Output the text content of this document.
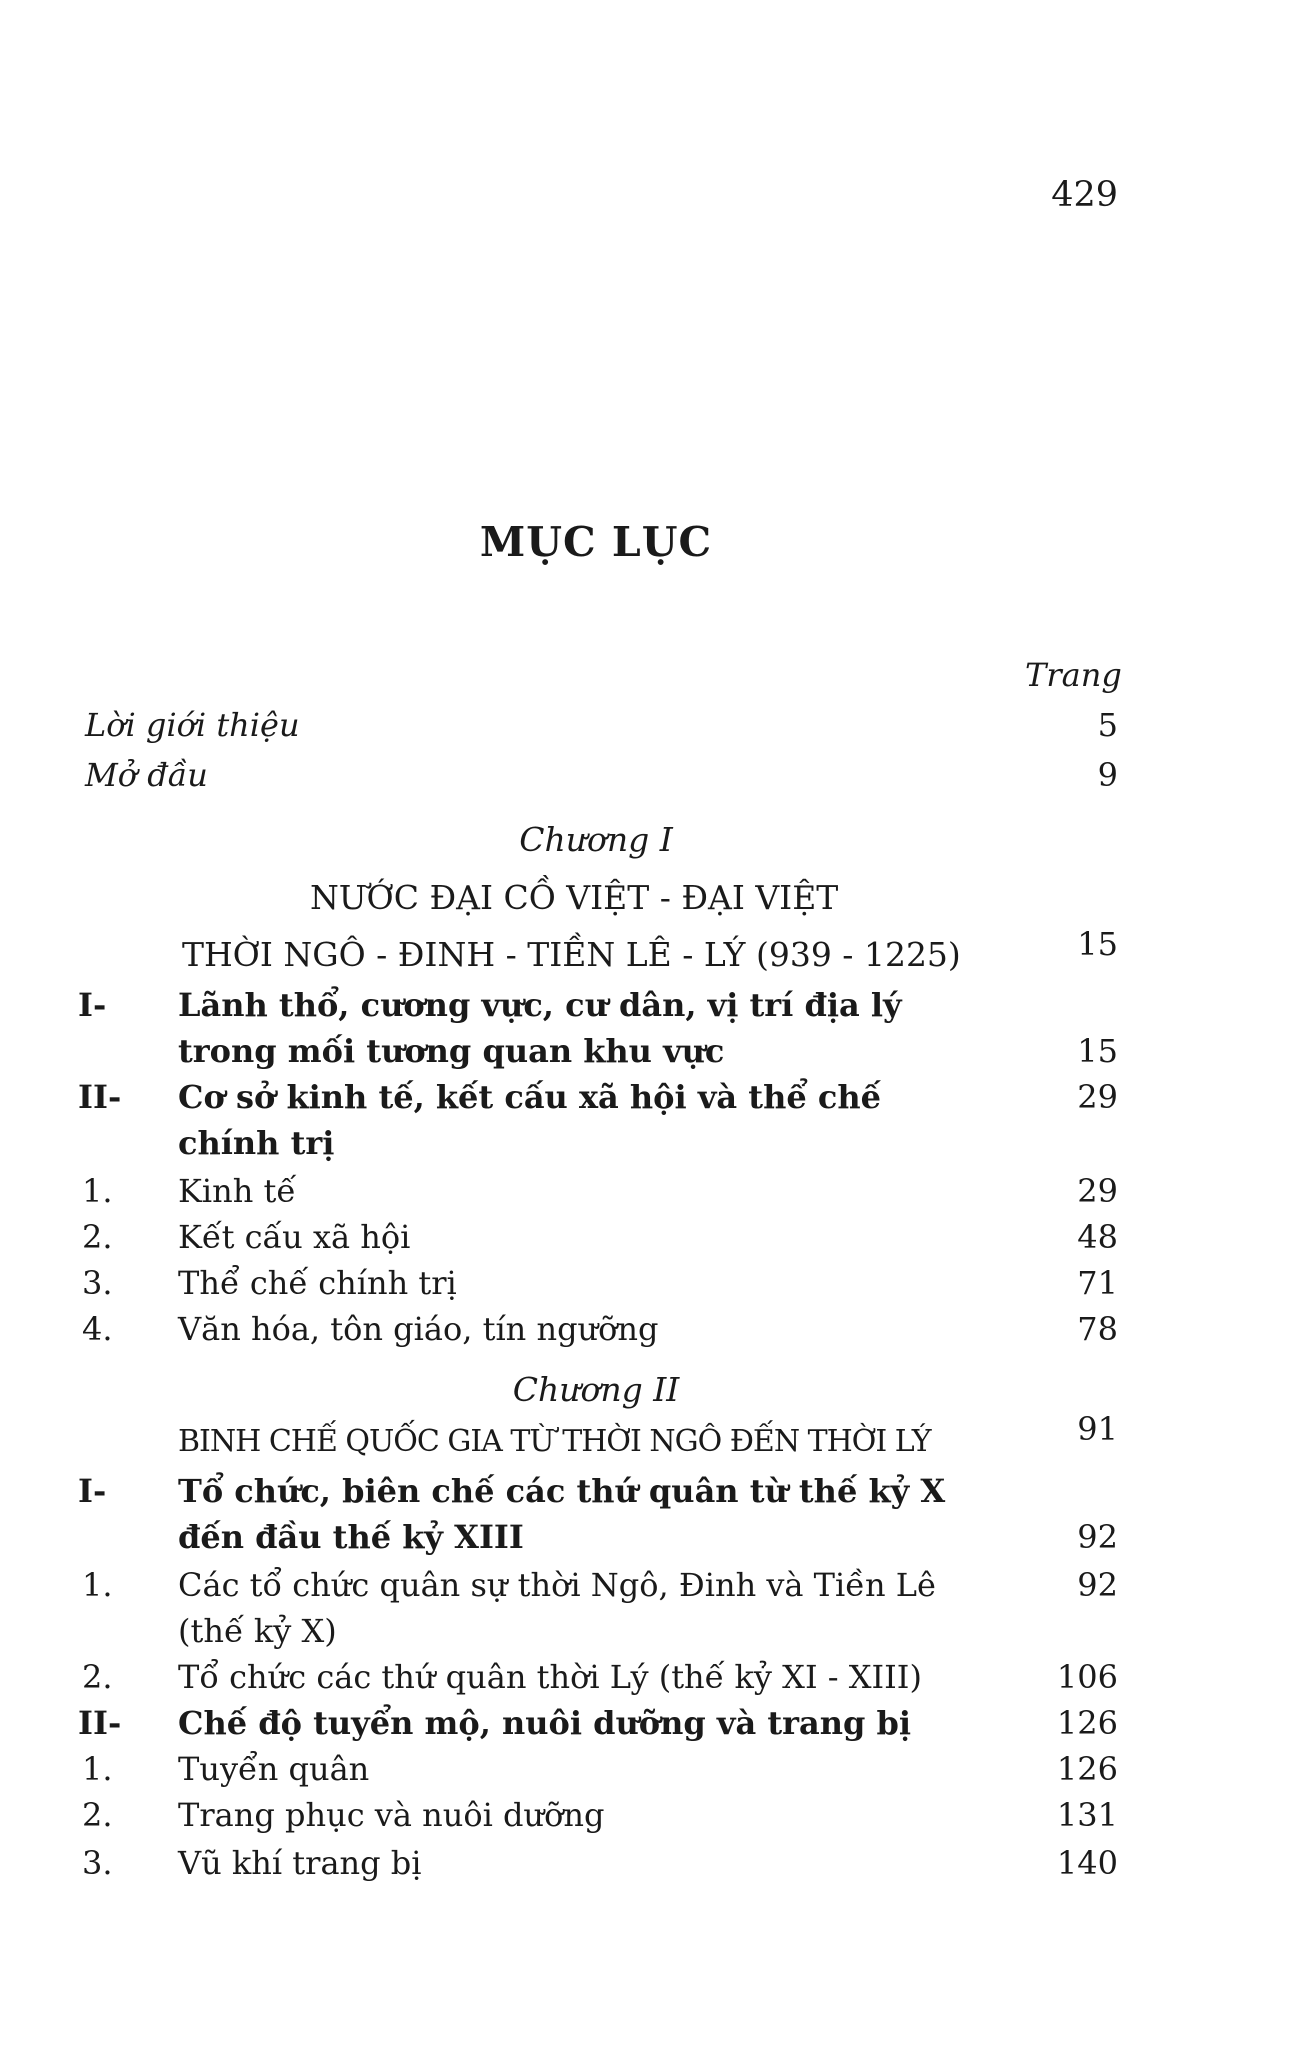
429
MỤC LỤC
Trang
Lời giới thiệu	5
Mở đầu	9
Chương I
NƯỚC ĐẠI CỒ VIỆT - ĐẠI VIỆT
THỜI NGÔ - ĐINH - TIỀN LÊ - LÝ (939 - 1225)	15
I- Lãnh thổ, cương vực, cư dân, vị trí địa lý
trong mối tương quan khu vực	15
II- Cơ sở kinh tế, kết cấu xã hội và thể chế	29
chính trị
1. Kinh tế	29
2. Kết cấu xã hội	48
3. Thể chế chính trị	71
4. Văn hóa, tôn giáo, tín ngưỡng	78
Chương II
BINH CHẾ QUỐC GIA TỪ THỜI NGÔ ĐẾN THỜI LÝ	91
I- Tổ chức, biên chế các thứ quân từ thế kỷ X
đến đầu thế kỷ XIII	92
1. Các tổ chức quân sự thời Ngô, Đinh và Tiền Lê	92
(thế kỷ X)
2. Tổ chức các thứ quân thời Lý (thế kỷ XI - XIII)	106
II- Chế độ tuyển mộ, nuôi dưỡng và trang bị	126
1. Tuyển quân	126
2. Trang phục và nuôi dưỡng	131
3. Vũ khí trang bị	140
